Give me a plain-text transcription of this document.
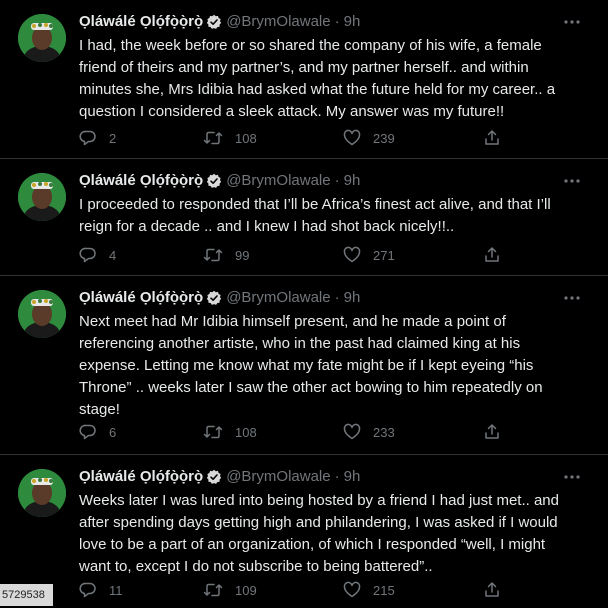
Ọláwálé Ọlọ́fọ̀ọ̀rọ̀ @BrymOlawale · 9h
I had, the week before or so shared the company of his wife, a female friend of theirs and my partner’s, and my partner herself.. and within minutes she, Mrs Idibia had asked what the future held for my career.. a question I considered a sleek attack. My answer was my future!!
2	108	239
Ọláwálé Ọlọ́fọ̀ọ̀rọ̀ @BrymOlawale · 9h
I proceeded to responded that I’ll be Africa’s finest act alive, and that I’ll reign for a decade .. and I knew I had shot back nicely!!..
4	99	271
Ọláwálé Ọlọ́fọ̀ọ̀rọ̀ @BrymOlawale · 9h
Next meet had Mr Idibia himself present, and he made a point of referencing another artiste, who in the past had claimed king at his expense. Letting me know what my fate might be if I kept eyeing “his Throne” .. weeks later I saw the other act bowing to him repeatedly on stage!
6	108	233
Ọláwálé Ọlọ́fọ̀ọ̀rọ̀ @BrymOlawale · 9h
Weeks later I was lured into being hosted by a friend I had just met.. and after spending days getting high and philandering, I was asked if I would love to be a part of an organization, of which I responded “well, I might want to, except I do not subscribe to being battered”..
11	109	215
5729538
